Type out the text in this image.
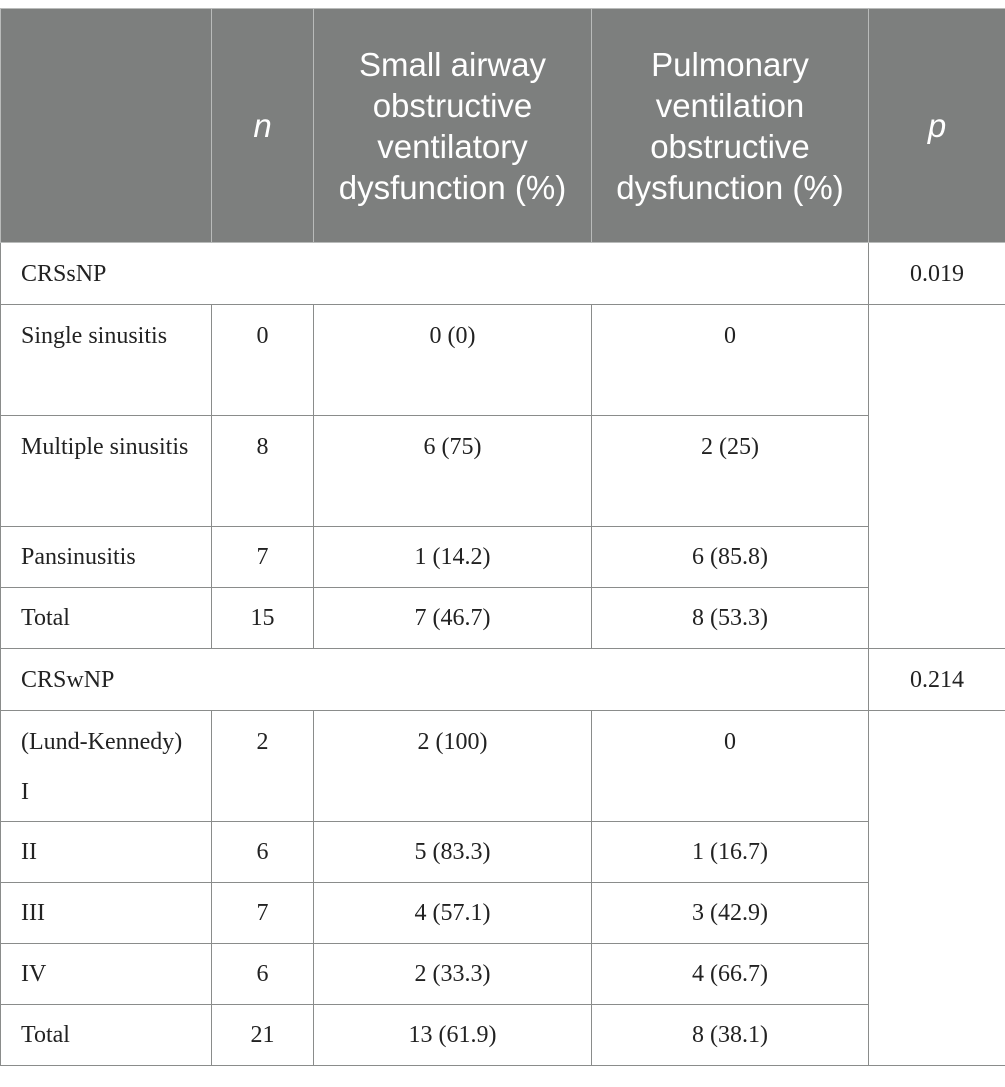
	n	Small airway obstructive ventilatory dysfunction (%)	Pulmonary ventilation obstructive dysfunction (%)	p
CRSsNP				0.019
Single sinusitis	0	0 (0)	0	
Multiple sinusitis	8	6 (75)	2 (25)	
Pansinusitis	7	1 (14.2)	6 (85.8)	
Total	15	7 (46.7)	8 (53.3)	
CRSwNP				0.214
(Lund-Kennedy) I	2	2 (100)	0	
II	6	5 (83.3)	1 (16.7)	
III	7	4 (57.1)	3 (42.9)	
IV	6	2 (33.3)	4 (66.7)	
Total	21	13 (61.9)	8 (38.1)	
